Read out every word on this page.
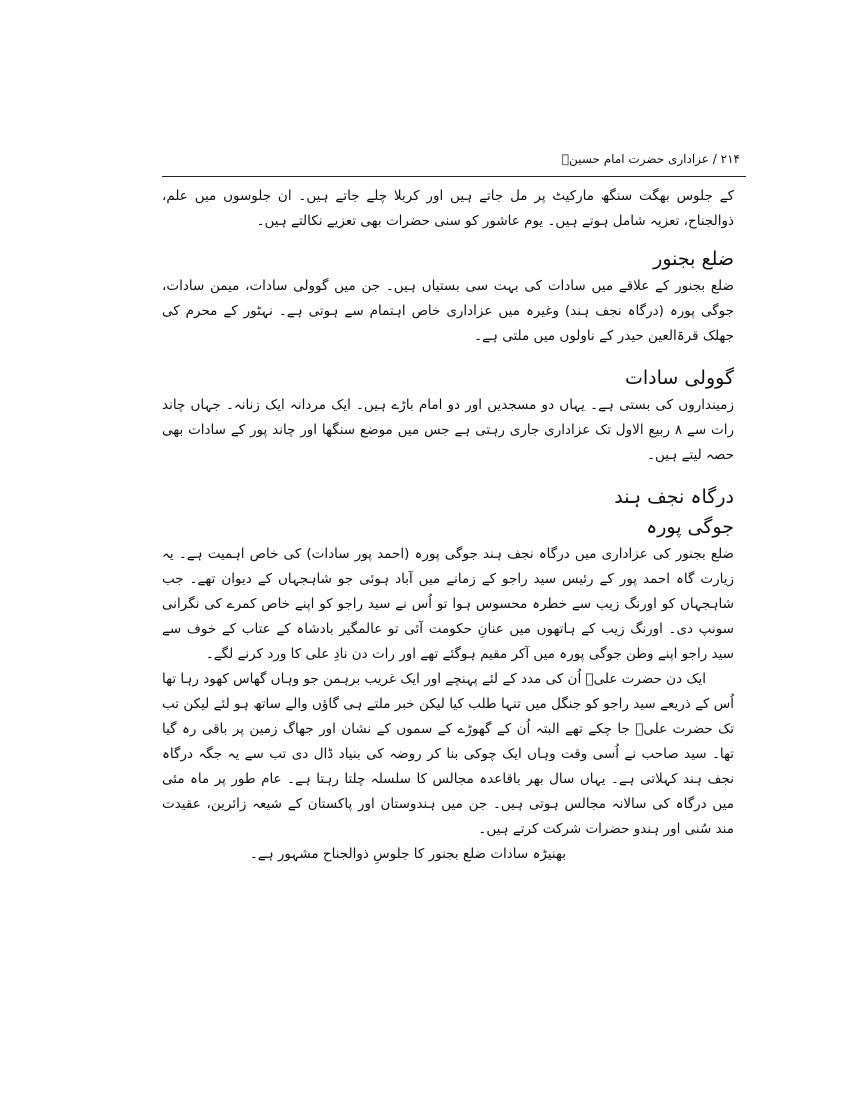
۲۱۴ / عزاداری حضرت امام حسینؑ

کے جلوس بھگت سنگھ مارکیٹ پر مل جاتے ہیں اور کربلا چلے جاتے ہیں۔ ان جلوسوں میں علم، ذوالجناح، تعزیہ شامل ہوتے ہیں۔ یوم عاشور کو سنی حضرات بھی تعزیے نکالتے ہیں۔

ضلع بجنور

ضلع بجنور کے علاقے میں سادات کی بہت سی بستیاں ہیں۔ جن میں گوولی سادات، میمن سادات، جوگی پورہ (درگاہ نجف ہند) وغیرہ میں عزاداری خاص اہتمام سے ہوتی ہے۔ نہٹور کے محرم کی جھلک قرۃالعین حیدر کے ناولوں میں ملتی ہے۔

گوولی سادات

زمینداروں کی بستی ہے۔ یہاں دو مسجدیں اور دو امام باڑے ہیں۔ ایک مردانہ ایک زنانہ۔ جہاں چاند رات سے ۸ ربیع الاول تک عزاداری جاری رہتی ہے جس میں موضع سنگھا اور چاند پور کے سادات بھی حصہ لیتے ہیں۔

درگاہ نجف ہند
جوگی پورہ

ضلع بجنور کی عزاداری میں درگاہ نجف ہند جوگی پورہ (احمد پور سادات) کی خاص اہمیت ہے۔ یہ زیارت گاہ احمد پور کے رئیس سید راجو کے زمانے میں آباد ہوئی جو شاہجہاں کے دیوان تھے۔ جب شاہجہاں کو اورنگ زیب سے خطرہ محسوس ہوا تو اُس نے سید راجو کو اپنے خاص کمرے کی نگرانی سونپ دی۔ اورنگ زیب کے ہاتھوں میں عنانِ حکومت آئی تو عالمگیر بادشاہ کے عتاب کے خوف سے سید راجو اپنے وطن جوگی پورہ میں آکر مقیم ہوگئے تھے اور رات دن نادِ علی کا ورد کرنے لگے۔

ایک دن حضرت علیؑ اُن کی مدد کے لئے پہنچے اور ایک غریب برہمن جو وہاں گھاس کھود رہا تھا اُس کے ذریعے سید راجو کو جنگل میں تنہا طلب کیا لیکن خبر ملتے ہی گاؤں والے ساتھ ہو لئے لیکن تب تک حضرت علیؑ جا چکے تھے البتہ اُن کے گھوڑے کے سموں کے نشان اور جھاگ زمین پر باقی رہ گیا تھا۔ سید صاحب نے اُسی وقت وہاں ایک چوکی بنا کر روضہ کی بنیاد ڈال دی تب سے یہ جگہ درگاہ نجف ہند کہلاتی ہے۔ یہاں سال بھر باقاعدہ مجالس کا سلسلہ چلتا رہتا ہے۔ عام طور پر ماہ مئی میں درگاہ کی سالانہ مجالس ہوتی ہیں۔ جن میں ہندوستان اور پاکستان کے شیعہ زائرین، عقیدت مند سُنی اور ہندو حضرات شرکت کرتے ہیں۔

بھنیڑہ سادات ضلع بجنور کا جلوسِ ذوالجناح مشہور ہے۔
